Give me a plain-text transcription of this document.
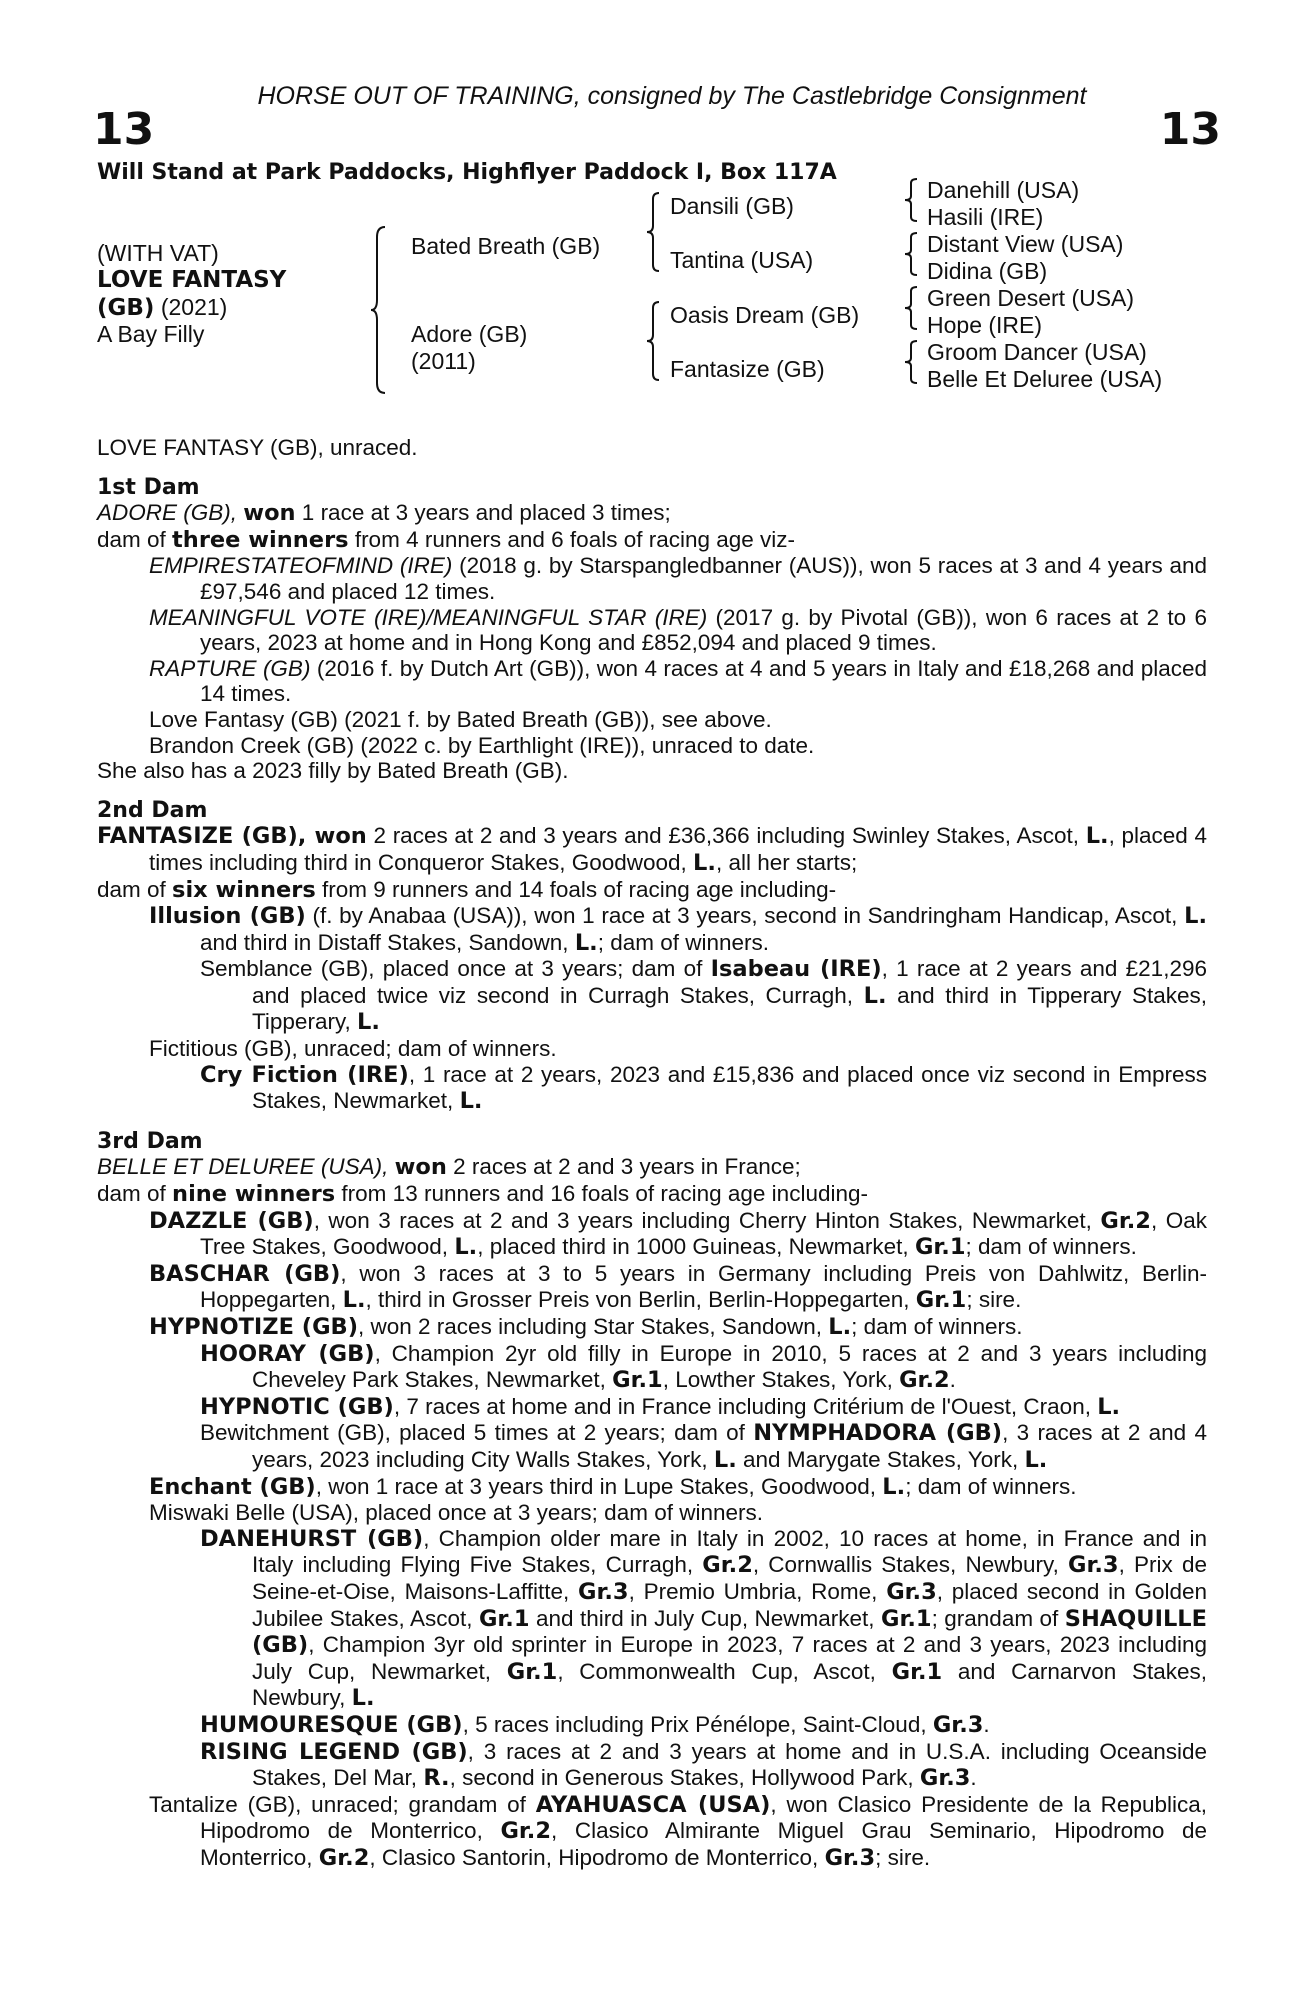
HORSE OUT OF TRAINING, consigned by The Castlebridge Consignment
13	13
Will Stand at Park Paddocks, Highflyer Paddock I, Box 117A
(WITH VAT)
LOVE FANTASY
(GB) (2021)
A Bay Filly
Bated Breath (GB)
Adore (GB)
(2011)
Dansili (GB)
Tantina (USA)
Oasis Dream (GB)
Fantasize (GB)
Danehill (USA)
Hasili (IRE)
Distant View (USA)
Didina (GB)
Green Desert (USA)
Hope (IRE)
Groom Dancer (USA)
Belle Et Deluree (USA)

LOVE FANTASY (GB), unraced.

1st Dam

ADORE (GB), won 1 race at 3 years and placed 3 times;

dam of three winners from 4 runners and 6 foals of racing age viz-

EMPIRESTATEOFMIND (IRE) (2018 g. by Starspangledbanner (AUS)), won 5 races at 3 and 4 years and £97,546 and placed 12 times.

MEANINGFUL VOTE (IRE)/MEANINGFUL STAR (IRE) (2017 g. by Pivotal (GB)), won 6 races at 2 to 6 years, 2023 at home and in Hong Kong and £852,094 and placed 9 times.

RAPTURE (GB) (2016 f. by Dutch Art (GB)), won 4 races at 4 and 5 years in Italy and £18,268 and placed 14 times.

Love Fantasy (GB) (2021 f. by Bated Breath (GB)), see above.

Brandon Creek (GB) (2022 c. by Earthlight (IRE)), unraced to date.

She also has a 2023 filly by Bated Breath (GB).

2nd Dam

FANTASIZE (GB), won 2 races at 2 and 3 years and £36,366 including Swinley Stakes, Ascot, L., placed 4 times including third in Conqueror Stakes, Goodwood, L., all her starts;

dam of six winners from 9 runners and 14 foals of racing age including-

Illusion (GB) (f. by Anabaa (USA)), won 1 race at 3 years, second in Sandringham Handicap, Ascot, L. and third in Distaff Stakes, Sandown, L.; dam of winners.

Semblance (GB), placed once at 3 years; dam of Isabeau (IRE), 1 race at 2 years and £21,296 and placed twice viz second in Curragh Stakes, Curragh, L. and third in Tipperary Stakes, Tipperary, L.

Fictitious (GB), unraced; dam of winners.

Cry Fiction (IRE), 1 race at 2 years, 2023 and £15,836 and placed once viz second in Empress Stakes, Newmarket, L.

3rd Dam

BELLE ET DELUREE (USA), won 2 races at 2 and 3 years in France;

dam of nine winners from 13 runners and 16 foals of racing age including-

DAZZLE (GB), won 3 races at 2 and 3 years including Cherry Hinton Stakes, Newmarket, Gr.2, Oak Tree Stakes, Goodwood, L., placed third in 1000 Guineas, Newmarket, Gr.1; dam of winners.

BASCHAR (GB), won 3 races at 3 to 5 years in Germany including Preis von Dahlwitz, Berlin-Hoppegarten, L., third in Grosser Preis von Berlin, Berlin-Hoppegarten, Gr.1; sire.

HYPNOTIZE (GB), won 2 races including Star Stakes, Sandown, L.; dam of winners.

HOORAY (GB), Champion 2yr old filly in Europe in 2010, 5 races at 2 and 3 years including Cheveley Park Stakes, Newmarket, Gr.1, Lowther Stakes, York, Gr.2.

HYPNOTIC (GB), 7 races at home and in France including Critérium de l'Ouest, Craon, L.

Bewitchment (GB), placed 5 times at 2 years; dam of NYMPHADORA (GB), 3 races at 2 and 4 years, 2023 including City Walls Stakes, York, L. and Marygate Stakes, York, L.

Enchant (GB), won 1 race at 3 years third in Lupe Stakes, Goodwood, L.; dam of winners.

Miswaki Belle (USA), placed once at 3 years; dam of winners.

DANEHURST (GB), Champion older mare in Italy in 2002, 10 races at home, in France and in Italy including Flying Five Stakes, Curragh, Gr.2, Cornwallis Stakes, Newbury, Gr.3, Prix de Seine-et-Oise, Maisons-Laffitte, Gr.3, Premio Umbria, Rome, Gr.3, placed second in Golden Jubilee Stakes, Ascot, Gr.1 and third in July Cup, Newmarket, Gr.1; grandam of SHAQUILLE (GB), Champion 3yr old sprinter in Europe in 2023, 7 races at 2 and 3 years, 2023 including July Cup, Newmarket, Gr.1, Commonwealth Cup, Ascot, Gr.1 and Carnarvon Stakes, Newbury, L.

HUMOURESQUE (GB), 5 races including Prix Pénélope, Saint-Cloud, Gr.3.

RISING LEGEND (GB), 3 races at 2 and 3 years at home and in U.S.A. including Oceanside Stakes, Del Mar, R., second in Generous Stakes, Hollywood Park, Gr.3.

Tantalize (GB), unraced; grandam of AYAHUASCA (USA), won Clasico Presidente de la Republica, Hipodromo de Monterrico, Gr.2, Clasico Almirante Miguel Grau Seminario, Hipodromo de Monterrico, Gr.2, Clasico Santorin, Hipodromo de Monterrico, Gr.3; sire.
